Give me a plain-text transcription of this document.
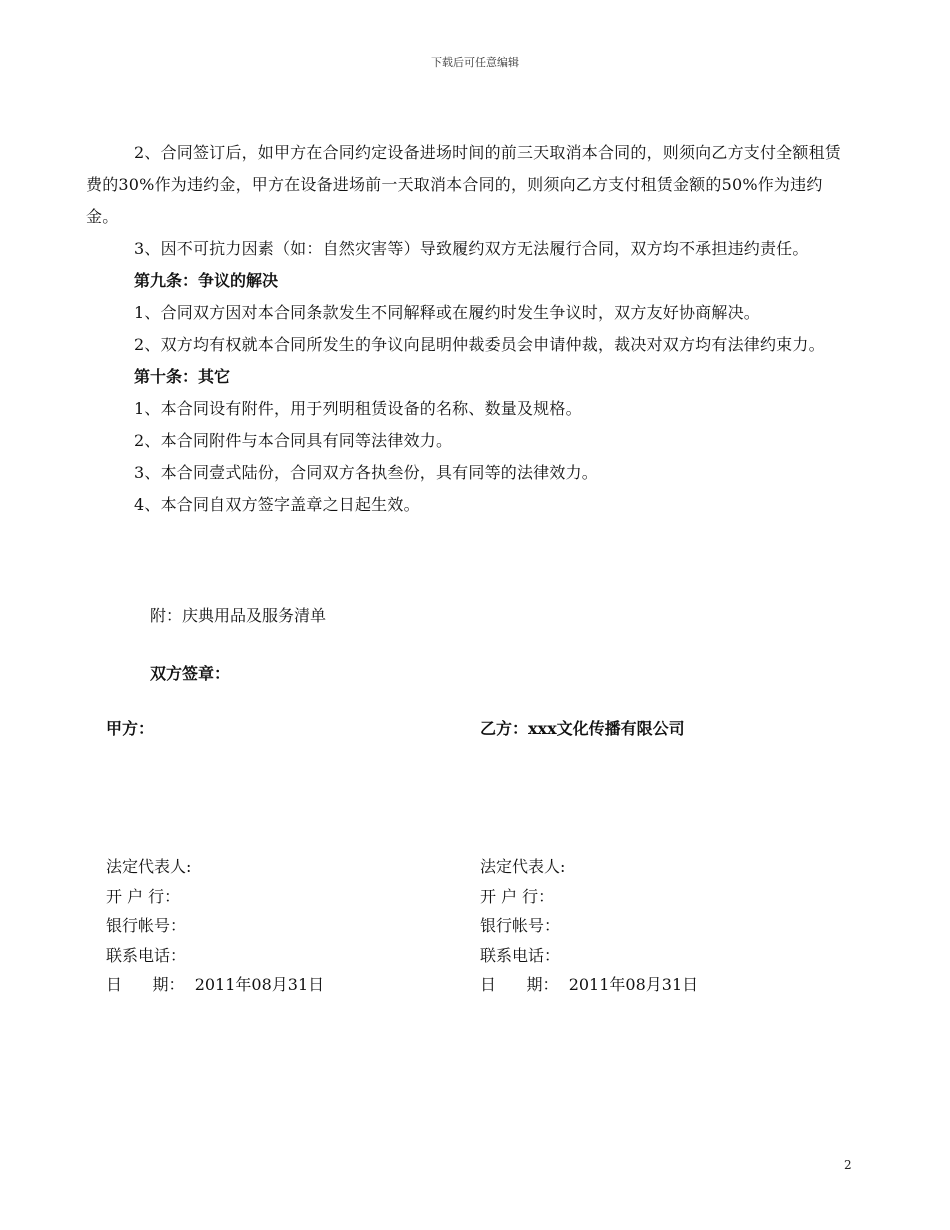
下载后可任意编辑

2、合同签订后，如甲方在合同约定设备进场时间的前三天取消本合同的，则须向乙方支付全额租赁费的30%作为违约金，甲方在设备进场前一天取消本合同的，则须向乙方支付租赁金额的50%作为违约金。

3、因不可抗力因素（如：自然灾害等）导致履约双方无法履行合同，双方均不承担违约责任。

第九条：争议的解决

1、合同双方因对本合同条款发生不同解释或在履约时发生争议时，双方友好协商解决。

2、双方均有权就本合同所发生的争议向昆明仲裁委员会申请仲裁，裁决对双方均有法律约束力。

第十条：其它

1、本合同设有附件，用于列明租赁设备的名称、数量及规格。

2、本合同附件与本合同具有同等法律效力。

3、本合同壹式陆份，合同双方各执叁份，具有同等的法律效力。

4、本合同自双方签字盖章之日起生效。

附：庆典用品及服务清单
双方签章：
甲方：	乙方：xxx文化传播有限公司
法定代表人:
开 户 行：
银行帐号：
联系电话：
日      期：  2011年08月31日
法定代表人:
开 户 行：
银行帐号：
联系电话：
日      期：  2011年08月31日
2
